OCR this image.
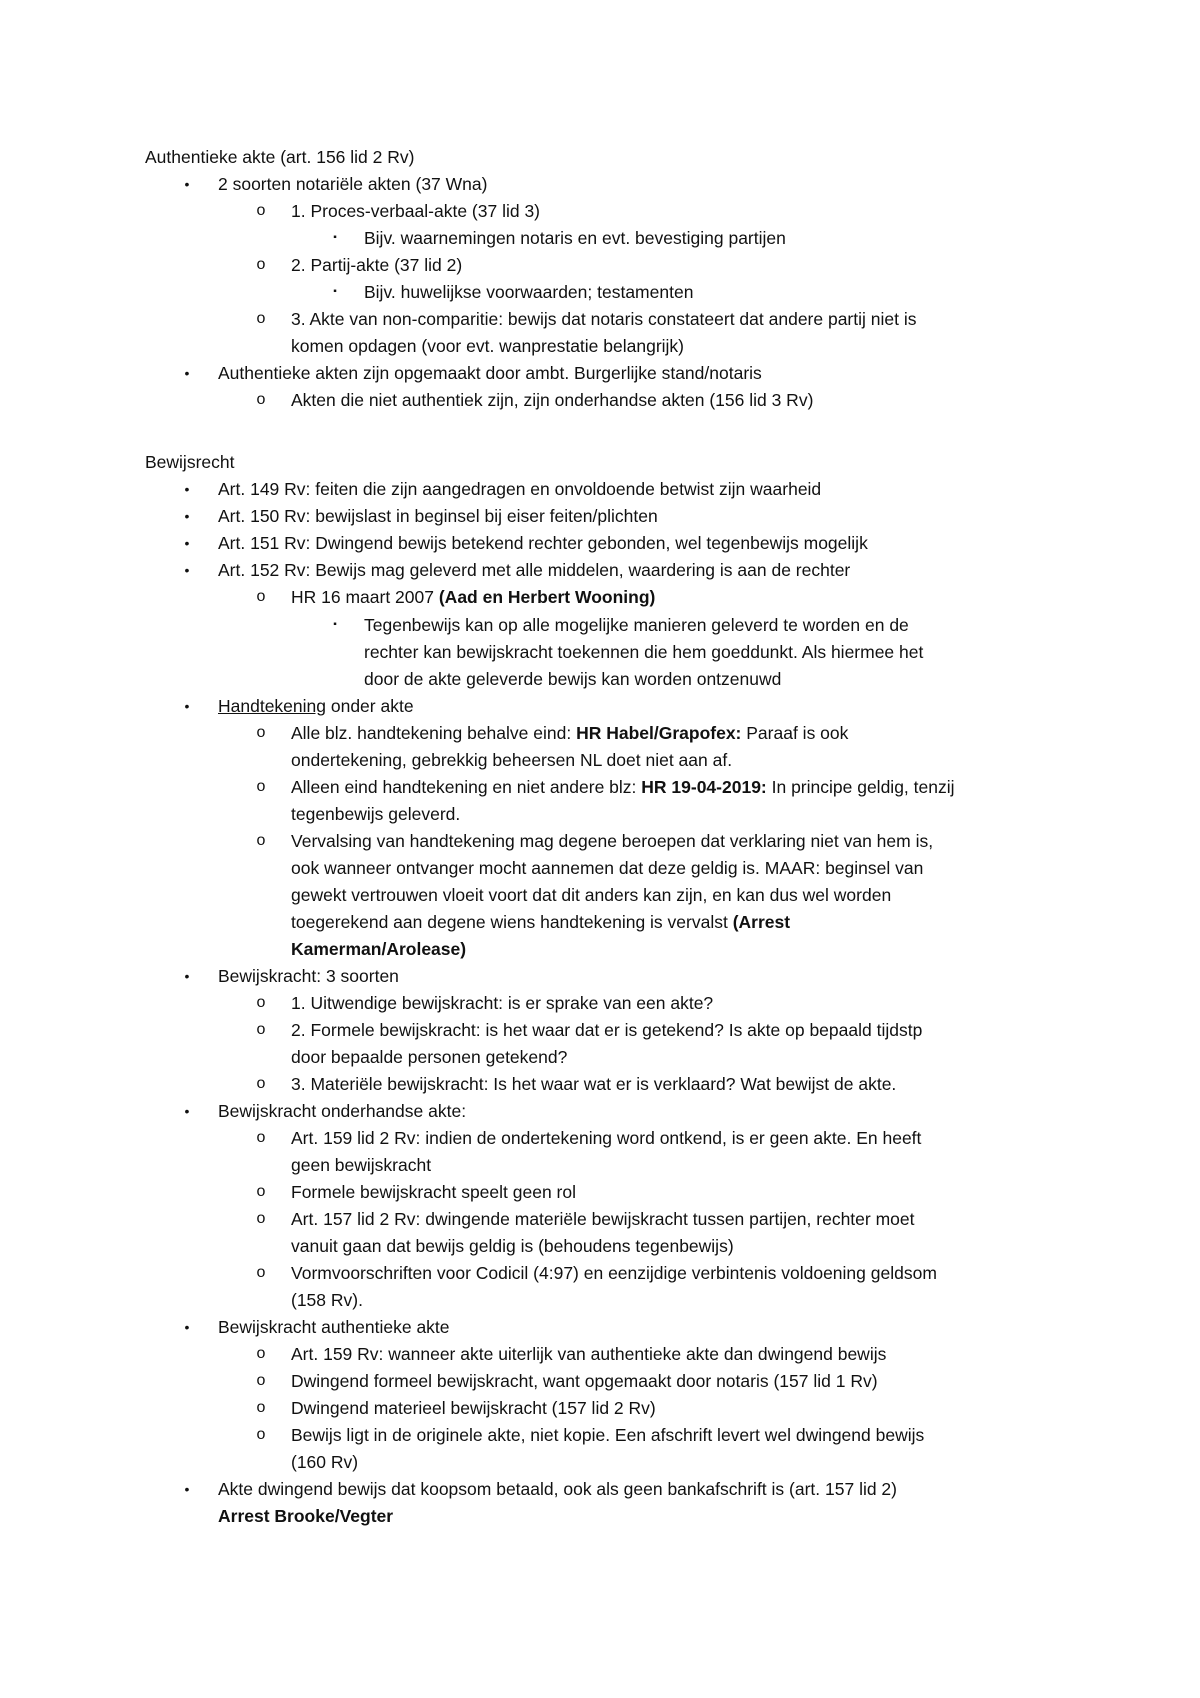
Authentieke akte (art. 156 lid 2 Rv)
•	2 soorten notariële akten (37 Wna)
o 1. Proces-verbaal-akte (37 lid 3)
▪	Bijv. waarnemingen notaris en evt. bevestiging partijen
o 2. Partij-akte (37 lid 2)
▪	Bijv. huwelijkse voorwaarden; testamenten
o 3. Akte van non-comparitie: bewijs dat notaris constateert dat andere partij niet is
komen opdagen (voor evt. wanprestatie belangrijk)
•	Authentieke akten zijn opgemaakt door ambt. Burgerlijke stand/notaris
o Akten die niet authentiek zijn, zijn onderhandse akten (156 lid 3 Rv)
Bewijsrecht
•	Art. 149 Rv: feiten die zijn aangedragen en onvoldoende betwist zijn waarheid
•	Art. 150 Rv: bewijslast in beginsel bij eiser feiten/plichten
•	Art. 151 Rv: Dwingend bewijs betekend rechter gebonden, wel tegenbewijs mogelijk
•	Art. 152 Rv: Bewijs mag geleverd met alle middelen, waardering is aan de rechter
o HR 16 maart 2007 (Aad en Herbert Wooning)
▪	Tegenbewijs kan op alle mogelijke manieren geleverd te worden en de
rechter kan bewijskracht toekennen die hem goeddunkt. Als hiermee het
door de akte geleverde bewijs kan worden ontzenuwd
•	Handtekening onder akte
o Alle blz. handtekening behalve eind: HR Habel/Grapofex: Paraaf is ook
ondertekening, gebrekkig beheersen NL doet niet aan af.
o Alleen eind handtekening en niet andere blz: HR 19-04-2019: In principe geldig, tenzij
tegenbewijs geleverd.
o Vervalsing van handtekening mag degene beroepen dat verklaring niet van hem is,
ook wanneer ontvanger mocht aannemen dat deze geldig is. MAAR: beginsel van
gewekt vertrouwen vloeit voort dat dit anders kan zijn, en kan dus wel worden
toegerekend aan degene wiens handtekening is vervalst (Arrest
Kamerman/Arolease)
•	Bewijskracht: 3 soorten
o 1. Uitwendige bewijskracht: is er sprake van een akte?
o 2. Formele bewijskracht: is het waar dat er is getekend? Is akte op bepaald tijdstp
door bepaalde personen getekend?
o 3. Materiële bewijskracht: Is het waar wat er is verklaard? Wat bewijst de akte.
•	Bewijskracht onderhandse akte:
o Art. 159 lid 2 Rv: indien de ondertekening word ontkend, is er geen akte. En heeft
geen bewijskracht
o Formele bewijskracht speelt geen rol
o Art. 157 lid 2 Rv: dwingende materiële bewijskracht tussen partijen, rechter moet
vanuit gaan dat bewijs geldig is (behoudens tegenbewijs)
o Vormvoorschriften voor Codicil (4:97) en eenzijdige verbintenis voldoening geldsom
(158 Rv).
•	Bewijskracht authentieke akte
o Art. 159 Rv: wanneer akte uiterlijk van authentieke akte dan dwingend bewijs
o Dwingend formeel bewijskracht, want opgemaakt door notaris (157 lid 1 Rv)
o Dwingend materieel bewijskracht (157 lid 2 Rv)
o Bewijs ligt in de originele akte, niet kopie. Een afschrift levert wel dwingend bewijs
(160 Rv)
•	Akte dwingend bewijs dat koopsom betaald, ook als geen bankafschrift is (art. 157 lid 2)
Arrest Brooke/Vegter
